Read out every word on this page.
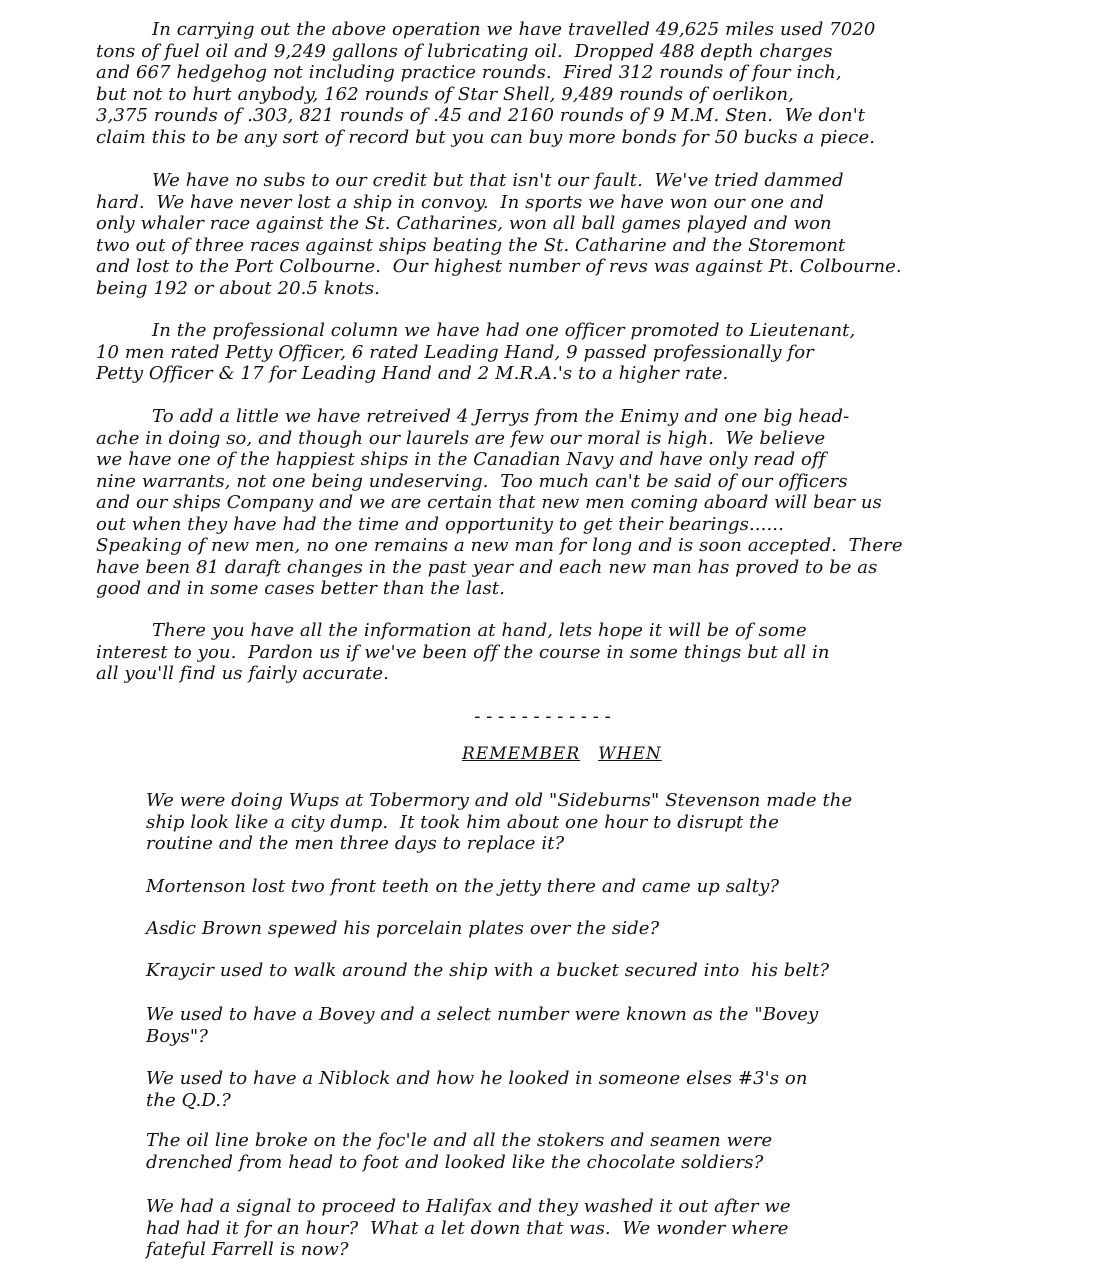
In carrying out the above operation we have travelled 49,625 miles used 7020
tons of fuel oil and 9,249 gallons of lubricating oil.  Dropped 488 depth charges
and 667 hedgehog not including practice rounds.  Fired 312 rounds of four inch,
but not to hurt anybody, 162 rounds of Star Shell, 9,489 rounds of oerlikon,
3,375 rounds of .303, 821 rounds of .45 and 2160 rounds of 9 M.M. Sten.  We don't
claim this to be any sort of record but you can buy more bonds for 50 bucks a piece.
We have no subs to our credit but that isn't our fault.  We've tried dammed
hard.  We have never lost a ship in convoy.  In sports we have won our one and
only whaler race against the St. Catharines, won all ball games played and won
two out of three races against ships beating the St. Catharine and the Storemont
and lost to the Port Colbourne.  Our highest number of revs was against Pt. Colbourne.
being 192 or about 20.5 knots.
In the professional column we have had one officer promoted to Lieutenant,
10 men rated Petty Officer, 6 rated Leading Hand, 9 passed professionally for
Petty Officer & 17 for Leading Hand and 2 M.R.A.'s to a higher rate.
To add a little we have retreived 4 Jerrys from the Enimy and one big head-
ache in doing so, and though our laurels are few our moral is high.  We believe
we have one of the happiest ships in the Canadian Navy and have only read off
nine warrants, not one being undeserving.  Too much can't be said of our officers
and our ships Company and we are certain that new men coming aboard will bear us
out when they have had the time and opportunity to get their bearings......
Speaking of new men, no one remains a new man for long and is soon accepted.  There
have been 81 daraft changes in the past year and each new man has proved to be as
good and in some cases better than the last.
There you have all the information at hand, lets hope it will be of some
interest to you.  Pardon us if we've been off the course in some things but all in
all you'll find us fairly accurate.
------------
REMEMBER WHEN
We were doing Wups at Tobermory and old "Sideburns" Stevenson made the
ship look like a city dump.  It took him about one hour to disrupt the
routine and the men three days to replace it?
Mortenson lost two front teeth on the jetty there and came up salty?
Asdic Brown spewed his porcelain plates over the side?
Kraycir used to walk around the ship with a bucket secured into  his belt?
We used to have a Bovey and a select number were known as the "Bovey
Boys"?
We used to have a Niblock and how he looked in someone elses #3's on
the Q.D.?
The oil line broke on the foc'le and all the stokers and seamen were
drenched from head to foot and looked like the chocolate soldiers?
We had a signal to proceed to Halifax and they washed it out after we
had had it for an hour?  What a let down that was.  We wonder where
fateful Farrell is now?
